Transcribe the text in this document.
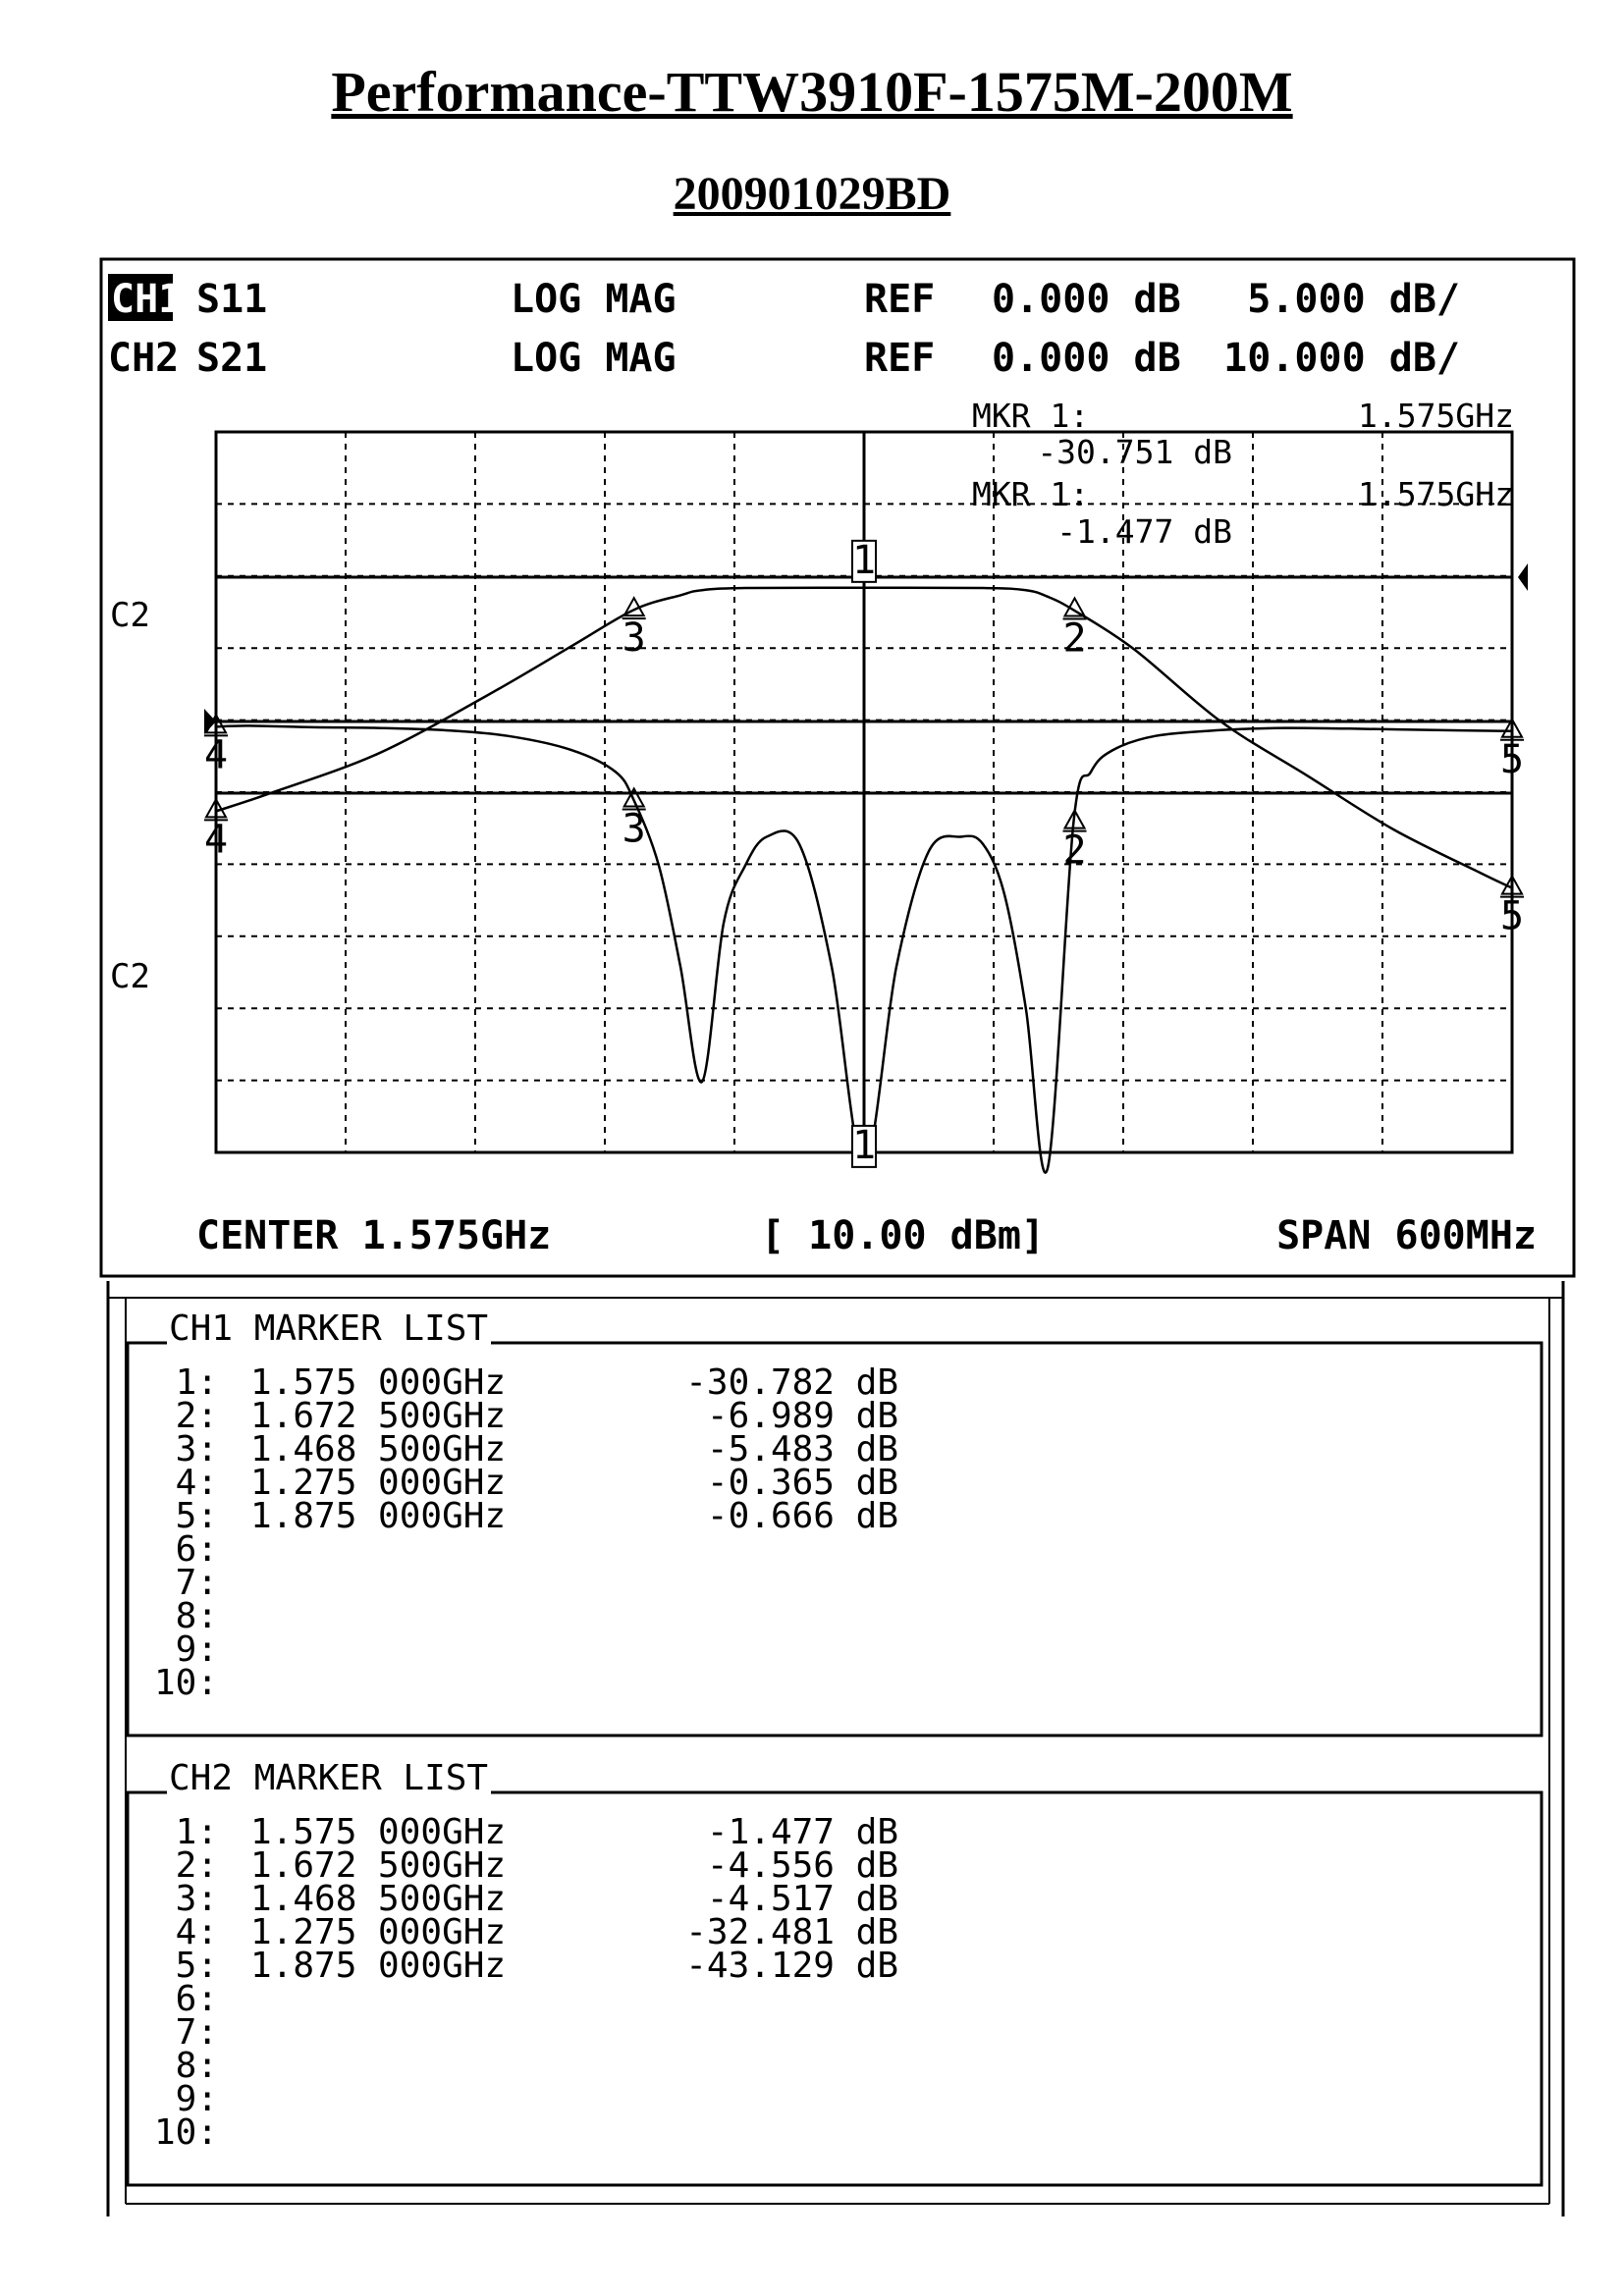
Performance-TTW3910F-1575M-200M
200901029BD
CH1 S11	LOG MAG	REF 0.000 dB 5.000 dB/
CH2 S21	LOG MAG	REF 0.000 dB 10.000 dB/
MKR 1:	1.575GHz
-30.751 dB
MKR 1:	1.575GHz
-1.477 dB
C2
C2
1
2
3
4	5
1
2
3
4
5
CENTER 1.575GHz	[ 10.00 dBm]	SPAN 600MHz
CH1 MARKER LIST
1: 1.575 000GHz	-30.782 dB
2: 1.672 500GHz	-6.989 dB
3: 1.468 500GHz	-5.483 dB
4: 1.275 000GHz	-0.365 dB
5: 1.875 000GHz	-0.666 dB
6:
7:
8:
9:
10:
CH2 MARKER LIST
1: 1.575 000GHz	-1.477 dB
2: 1.672 500GHz	-4.556 dB
3: 1.468 500GHz	-4.517 dB
4: 1.275 000GHz	-32.481 dB
5: 1.875 000GHz	-43.129 dB
6:
7:
8:
9:
10:
